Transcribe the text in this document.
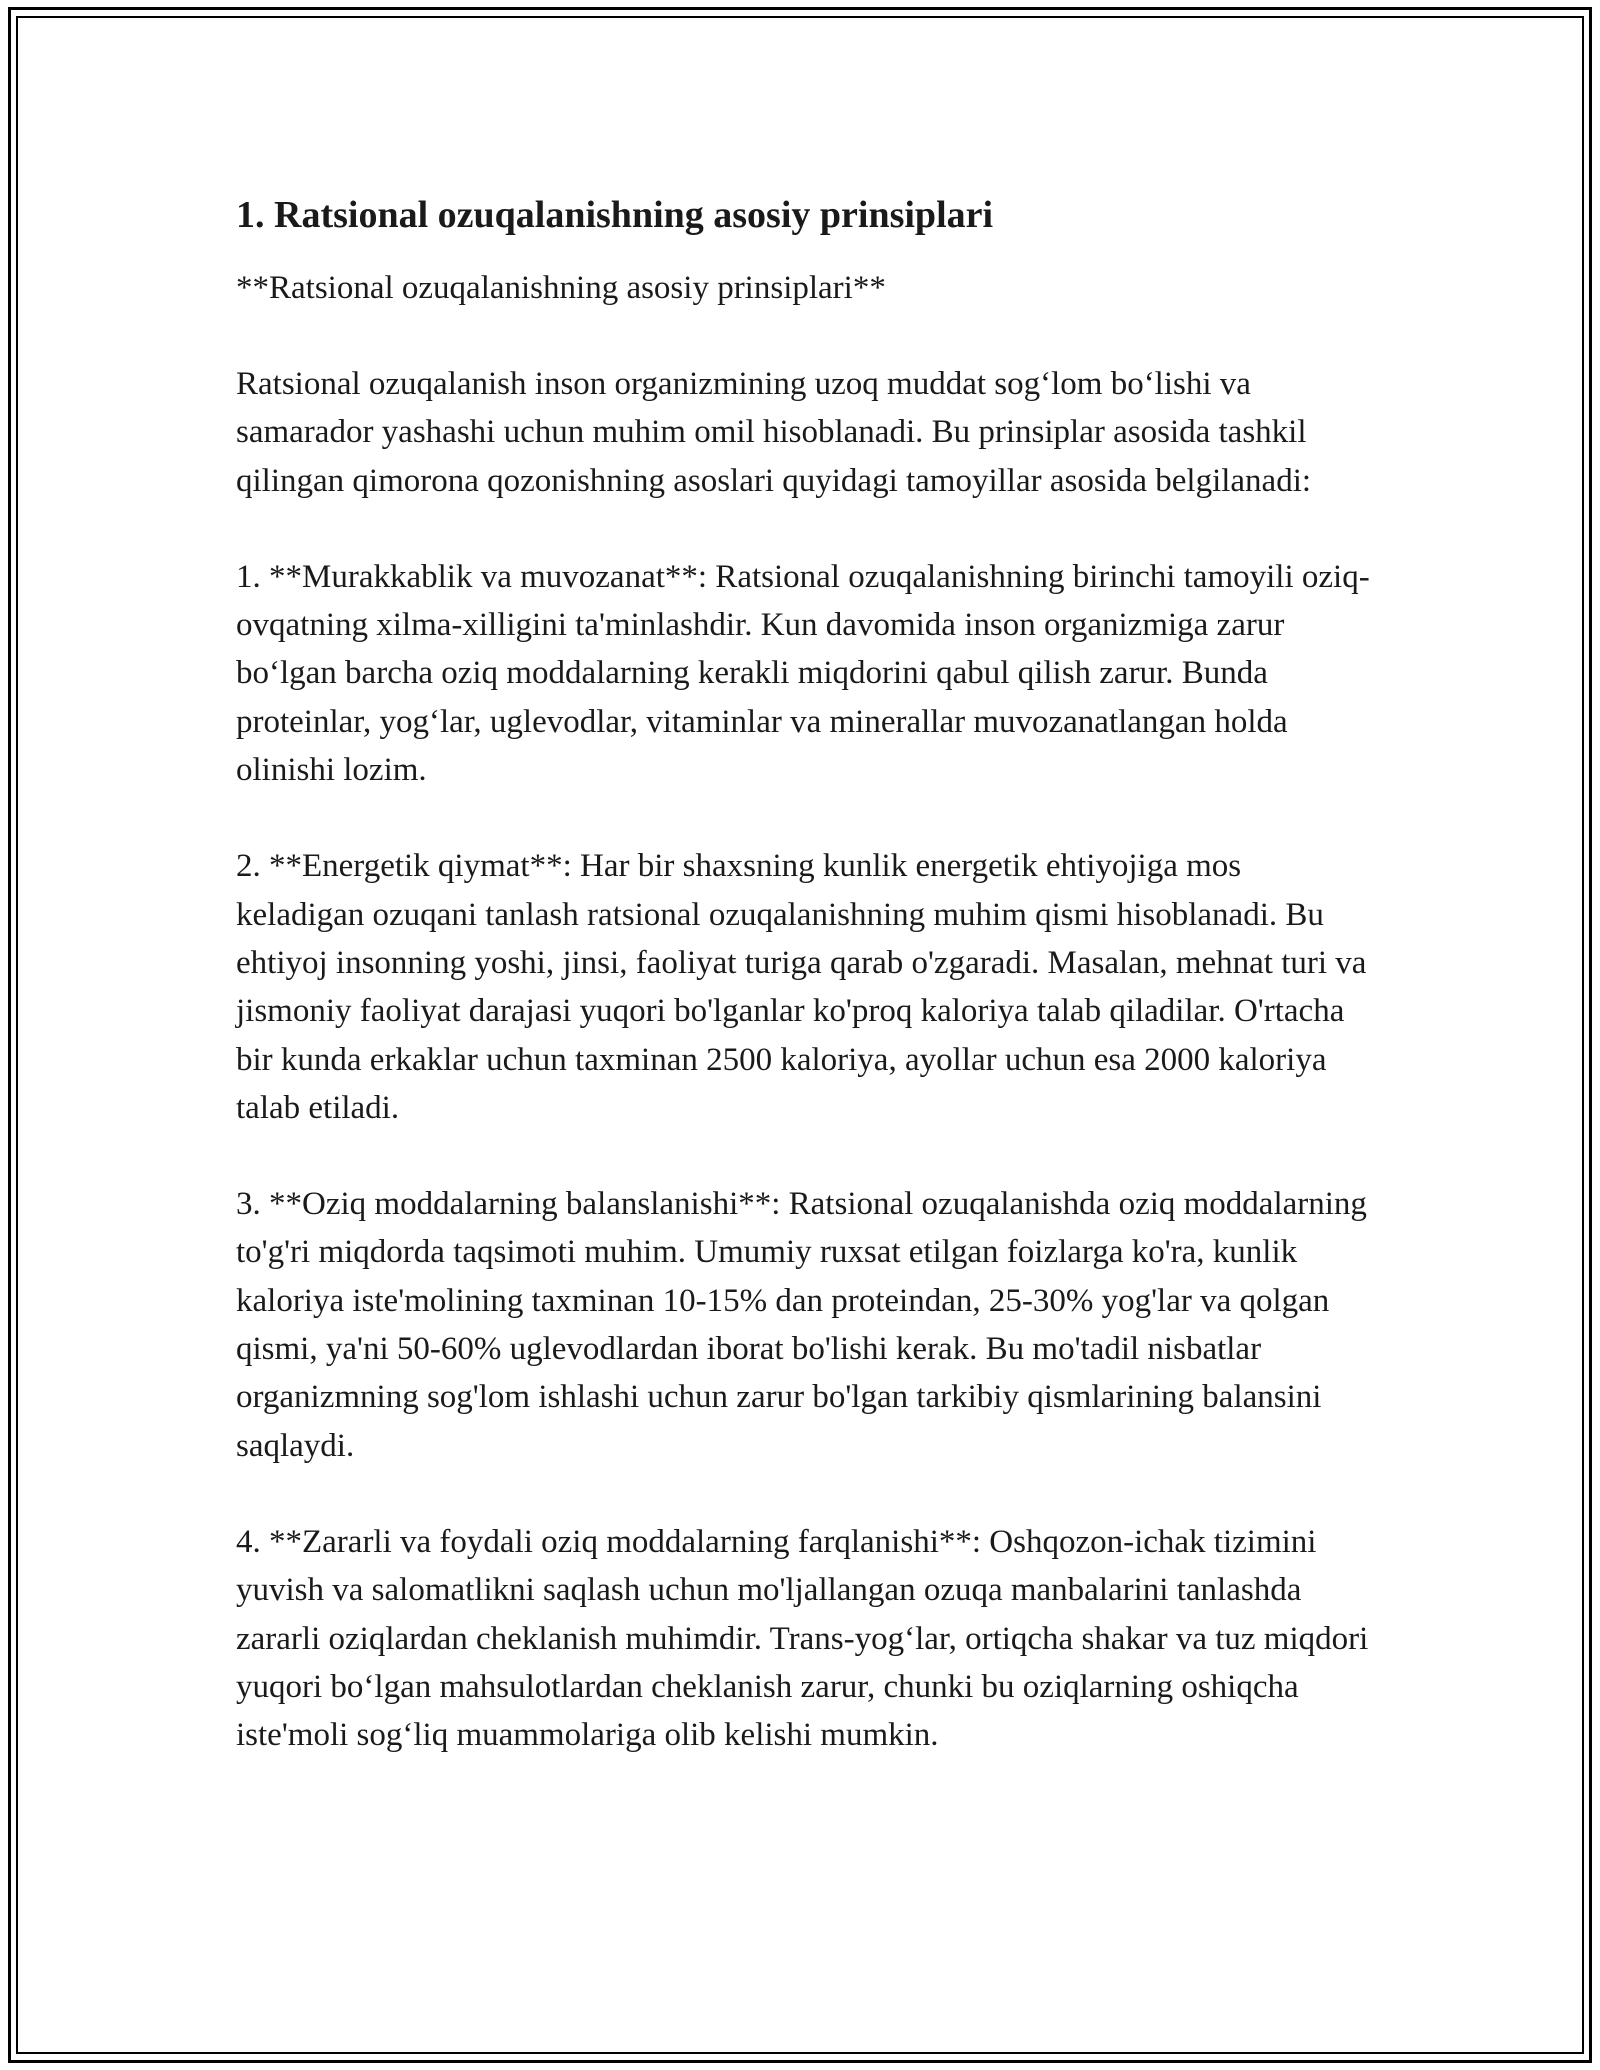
1. Ratsional ozuqalanishning asosiy prinsiplari

**Ratsional ozuqalanishning asosiy prinsiplari**

Ratsional ozuqalanish inson organizmining uzoq muddat sog‘lom bo‘lishi va samarador yashashi uchun muhim omil hisoblanadi. Bu prinsiplar asosida tashkil qilingan qimorona qozonishning asoslari quyidagi tamoyillar asosida belgilanadi:

1. **Murakkablik va muvozanat**: Ratsional ozuqalanishning birinchi tamoyili oziq-ovqatning xilma-xilligini ta'minlashdir. Kun davomida inson organizmiga zarur bo‘lgan barcha oziq moddalarning kerakli miqdorini qabul qilish zarur. Bunda proteinlar, yog‘lar, uglevodlar, vitaminlar va minerallar muvozanatlangan holda olinishi lozim.

2. **Energetik qiymat**: Har bir shaxsning kunlik energetik ehtiyojiga mos keladigan ozuqani tanlash ratsional ozuqalanishning muhim qismi hisoblanadi. Bu ehtiyoj insonning yoshi, jinsi, faoliyat turiga qarab o'zgaradi. Masalan, mehnat turi va jismoniy faoliyat darajasi yuqori bo'lganlar ko'proq kaloriya talab qiladilar. O'rtacha bir kunda erkaklar uchun taxminan 2500 kaloriya, ayollar uchun esa 2000 kaloriya talab etiladi.

3. **Oziq moddalarning balanslanishi**: Ratsional ozuqalanishda oziq moddalarning to'g'ri miqdorda taqsimoti muhim. Umumiy ruxsat etilgan foizlarga ko'ra, kunlik kaloriya iste'molining taxminan 10-15% dan proteindan, 25-30% yog'lar va qolgan qismi, ya'ni 50-60% uglevodlardan iborat bo'lishi kerak. Bu mo'tadil nisbatlar organizmning sog'lom ishlashi uchun zarur bo'lgan tarkibiy qismlarining balansini saqlaydi.

4. **Zararli va foydali oziq moddalarning farqlanishi**: Oshqozon-ichak tizimini yuvish va salomatlikni saqlash uchun mo'ljallangan ozuqa manbalarini tanlashda zararli oziqlardan cheklanish muhimdir. Trans-yog‘lar, ortiqcha shakar va tuz miqdori yuqori bo‘lgan mahsulotlardan cheklanish zarur, chunki bu oziqlarning oshiqcha iste'moli sog‘liq muammolariga olib kelishi mumkin.
